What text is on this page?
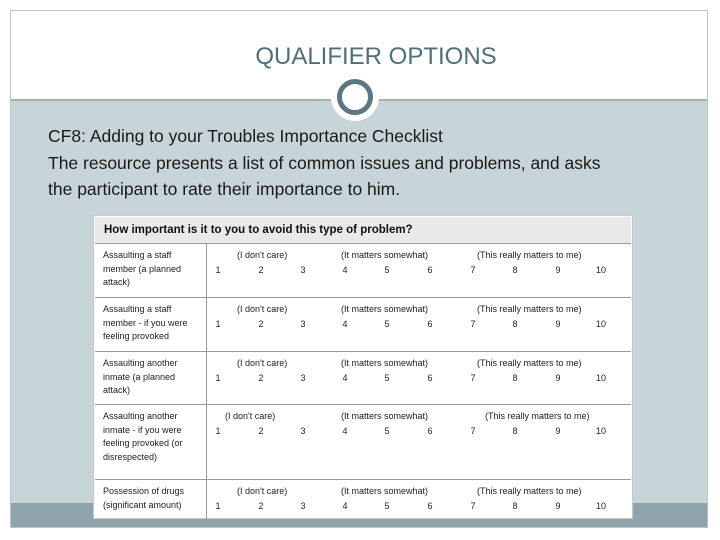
QUALIFIER OPTIONS
CF8: Adding to your Troubles Importance Checklist
The resource presents a list of common issues and problems, and asks
the participant to rate their importance to him.
How important is it to you to avoid this type of problem?
Assaulting a staff member (a planned attack)
(I don't care)	(It matters somewhat)	(This really matters to me)
1	2	3	4	5	6	7	8	9	10
Assaulting a staff member - if you were feeling provoked
(I don't care)	(It matters somewhat)	(This really matters to me)
1	2	3	4	5	6	7	8	9	10
Assaulting another inmate (a planned attack)
(I don't care)	(It matters somewhat)	(This really matters to me)
1	2	3	4	5	6	7	8	9	10
Assaulting another inmate - if you were feeling provoked (or disrespected)
(I don't care)	(It matters somewhat)	(This really matters to me)
1	2	3	4	5	6	7	8	9	10
Possession of drugs (significant amount)
(I don't care)	(It matters somewhat)	(This really matters to me)
1	2	3	4	5	6	7	8	9	10
